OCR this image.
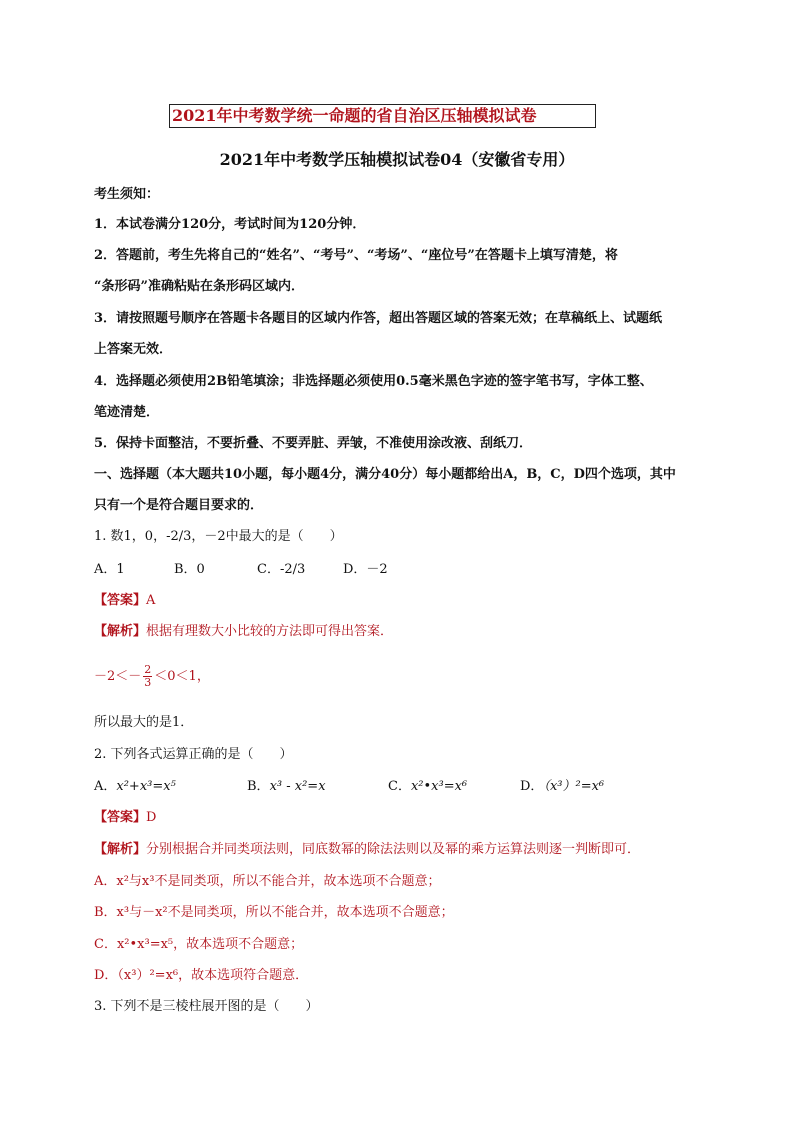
2021年中考数学统一命题的省自治区压轴模拟试卷
2021年中考数学压轴模拟试卷04（安徽省专用）
考生须知：
1．本试卷满分120分，考试时间为120分钟．
2．答题前，考生先将自己的“姓名”、“考号”、“考场”、“座位号”在答题卡上填写清楚，将
“条形码”准确粘贴在条形码区域内．
3．请按照题号顺序在答题卡各题目的区域内作答，超出答题区域的答案无效；在草稿纸上、试题纸
上答案无效．
4．选择题必须使用2B铅笔填涂；非选择题必须使用0.5毫米黑色字迹的签字笔书写，字体工整、
笔迹清楚．
5．保持卡面整洁，不要折叠、不要弄脏、弄皱，不准使用涂改液、刮纸刀．
一、选择题（本大题共10小题，每小题4分，满分40分）每小题都给出A，B，C，D四个选项，其中
只有一个是符合题目要求的．
1. 数1，0，-2/3，－2中最大的是（　　）
A．1	B．0	C．-2/3	D．－2
【答案】A
【解析】根据有理数大小比较的方法即可得出答案．
$-2<- \frac{2}{3} <0<1$，
所以最大的是1．
2. 下列各式运算正确的是（　　）
A．x²+x³=x⁵	B．x³ - x²=x	C．x²•x³=x⁶	D．（x³）²=x⁶
【答案】D
【解析】分别根据合并同类项法则，同底数幂的除法法则以及幂的乘方运算法则逐一判断即可．
A．x²与x³不是同类项，所以不能合并，故本选项不合题意；
B．x³与－x²不是同类项，所以不能合并，故本选项不合题意；
C．x²•x³=x⁵，故本选项不合题意；
D．（x³）²=x⁶，故本选项符合题意．
3. 下列不是三棱柱展开图的是（　　）
